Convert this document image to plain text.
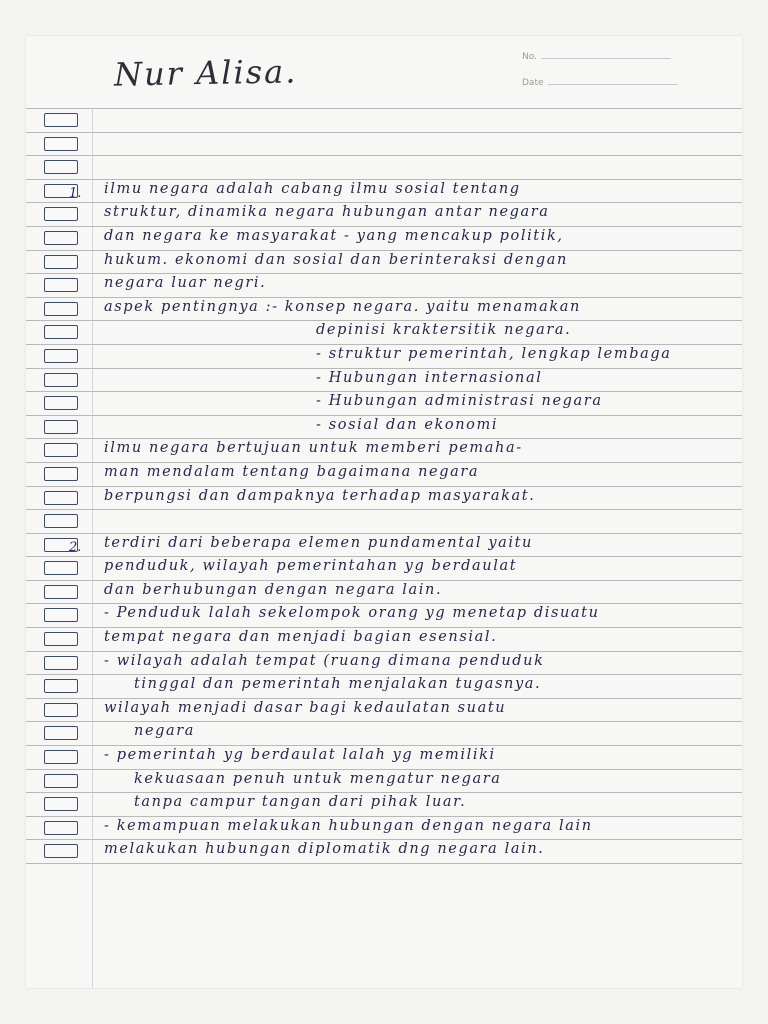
Nur Alisa.	No.
Date
1. ilmu negara adalah cabang ilmu sosial tentang
struktur, dinamika negara hubungan antar negara
dan negara ke masyarakat - yang mencakup politik,
hukum. ekonomi dan sosial dan berinteraksi dengan
negara luar negri.
aspek pentingnya :- konsep negara. yaitu menamakan
depinisi kraktersitik negara.
- struktur pemerintah, lengkap lembaga
- Hubungan internasional
- Hubungan administrasi negara
- sosial dan ekonomi
ilmu negara bertujuan untuk memberi pemaha-
man mendalam tentang bagaimana negara
berpungsi dan dampaknya terhadap masyarakat.
2. terdiri dari beberapa elemen pundamental yaitu
penduduk, wilayah pemerintahan yg berdaulat
dan berhubungan dengan negara lain.
- Penduduk lalah sekelompok orang yg menetap disuatu
tempat negara dan menjadi bagian esensial.
- wilayah adalah tempat (ruang dimana penduduk
tinggal dan pemerintah menjalakan tugasnya.
wilayah menjadi dasar bagi kedaulatan suatu
negara
- pemerintah yg berdaulat lalah yg memiliki
kekuasaan penuh untuk mengatur negara
tanpa campur tangan dari pihak luar.
- kemampuan melakukan hubungan dengan negara lain
melakukan hubungan diplomatik dng negara lain.
